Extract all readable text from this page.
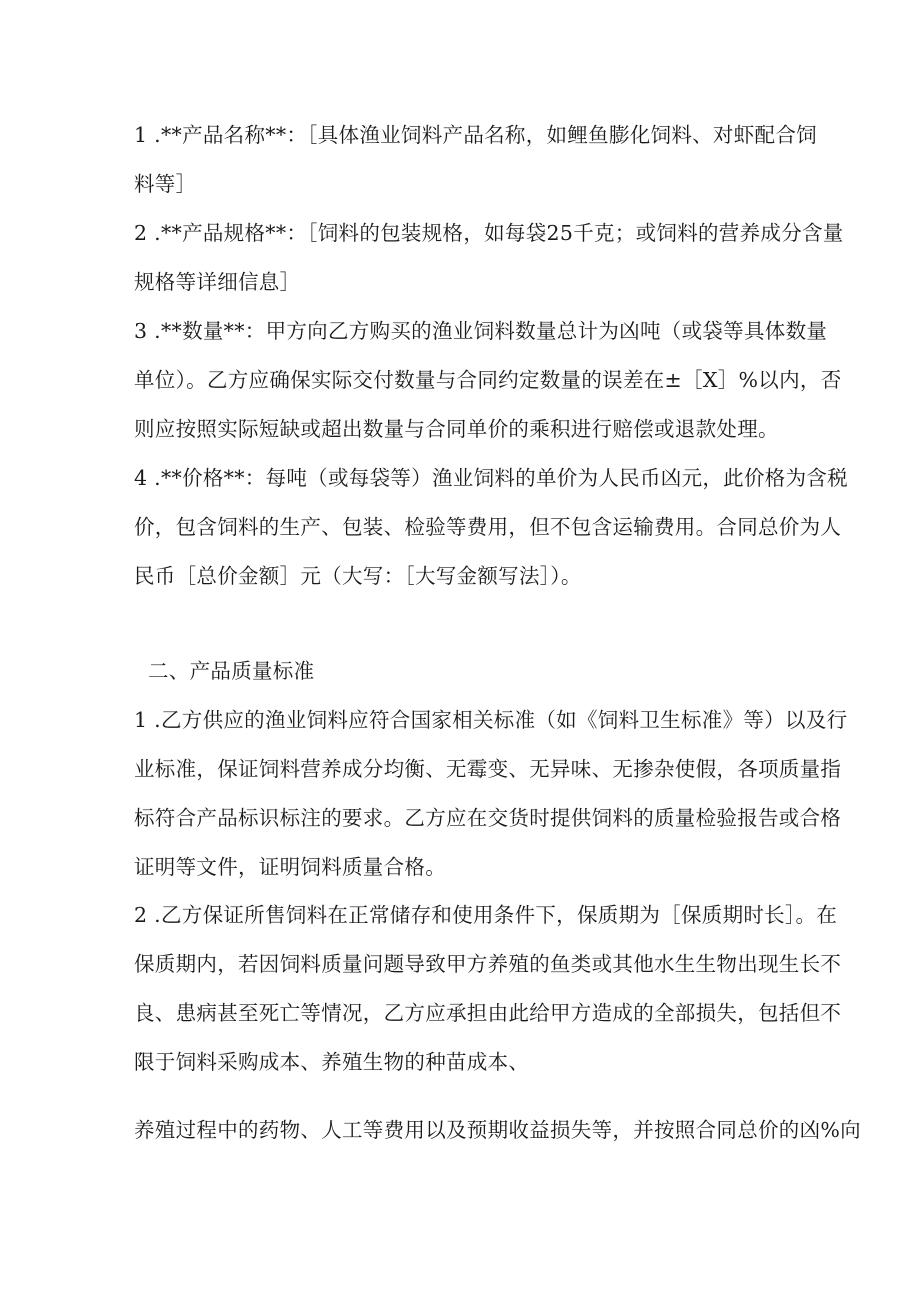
1 .**产品名称**：［具体渔业饲料产品名称，如鲤鱼膨化饲料、对虾配合饲
料等］
2 .**产品规格**：［饲料的包装规格，如每袋25千克；或饲料的营养成分含量
规格等详细信息］
3 .**数量**：甲方向乙方购买的渔业饲料数量总计为凶吨（或袋等具体数量
单位）。乙方应确保实际交付数量与合同约定数量的误差在±［X］%以内，否
则应按照实际短缺或超出数量与合同单价的乘积进行赔偿或退款处理。
4 .**价格**：每吨（或每袋等）渔业饲料的单价为人民币凶元，此价格为含税
价，包含饲料的生产、包装、检验等费用，但不包含运输费用。合同总价为人
民币［总价金额］元（大写：［大写金额写法］）。
二、产品质量标准
1 .乙方供应的渔业饲料应符合国家相关标准（如《饲料卫生标准》等）以及行
业标准，保证饲料营养成分均衡、无霉变、无异味、无掺杂使假，各项质量指
标符合产品标识标注的要求。乙方应在交货时提供饲料的质量检验报告或合格
证明等文件，证明饲料质量合格。
2 .乙方保证所售饲料在正常储存和使用条件下，保质期为［保质期时长］。在
保质期内，若因饲料质量问题导致甲方养殖的鱼类或其他水生生物出现生长不
良、患病甚至死亡等情况，乙方应承担由此给甲方造成的全部损失，包括但不
限于饲料采购成本、养殖生物的种苗成本、
养殖过程中的药物、人工等费用以及预期收益损失等，并按照合同总价的凶%向
